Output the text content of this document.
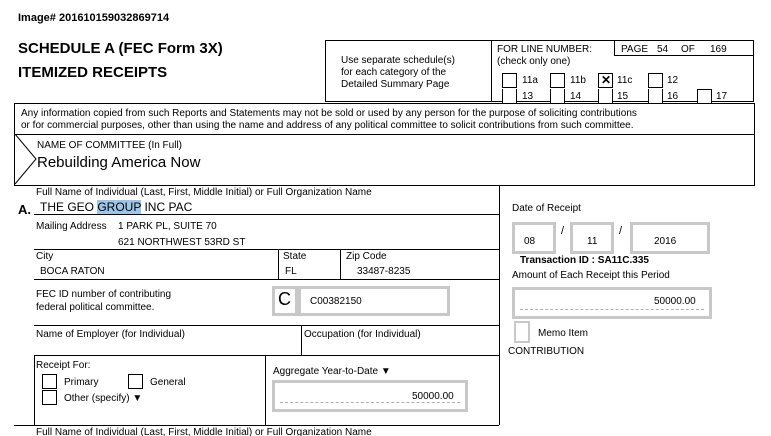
Image# 201610159032869714
SCHEDULE A (FEC Form 3X)
ITEMIZED RECEIPTS
Use separate schedule(s)
for each category of the
Detailed Summary Page
FOR LINE NUMBER:
(check only one)
PAGE 54 OF 169
11a	11b
✕	11c	12
13	14	15	16	17
Any information copied from such Reports and Statements may not be sold or used by any person for the purpose of soliciting contributions
or for commercial purposes, other than using the name and address of any political committee to solicit contributions from such committee.
NAME OF COMMITTEE (In Full)
Rebuilding America Now
Full Name of Individual (Last, First, Middle Initial) or Full Organization Name
A. THE GEO GROUP INC PAC
Mailing Address 1 PARK PL, SUITE 70
621 NORTHWEST 53RD ST
City
BOCA RATON
State
FL
Zip Code
33487-8235
FEC ID number of contributing
federal political committee.	C C00382150
Name of Employer (for Individual)	Occupation (for Individual)
Receipt For:
Primary	General
Other (specify) ▼
Aggregate Year-to-Date ▼
50000.00
Full Name of Individual (Last, First, Middle Initial) or Full Organization Name
Date of Receipt
08
/
11
/
2016
Transaction ID : SA11C.335
Amount of Each Receipt this Period
50000.00
Memo Item
CONTRIBUTION
